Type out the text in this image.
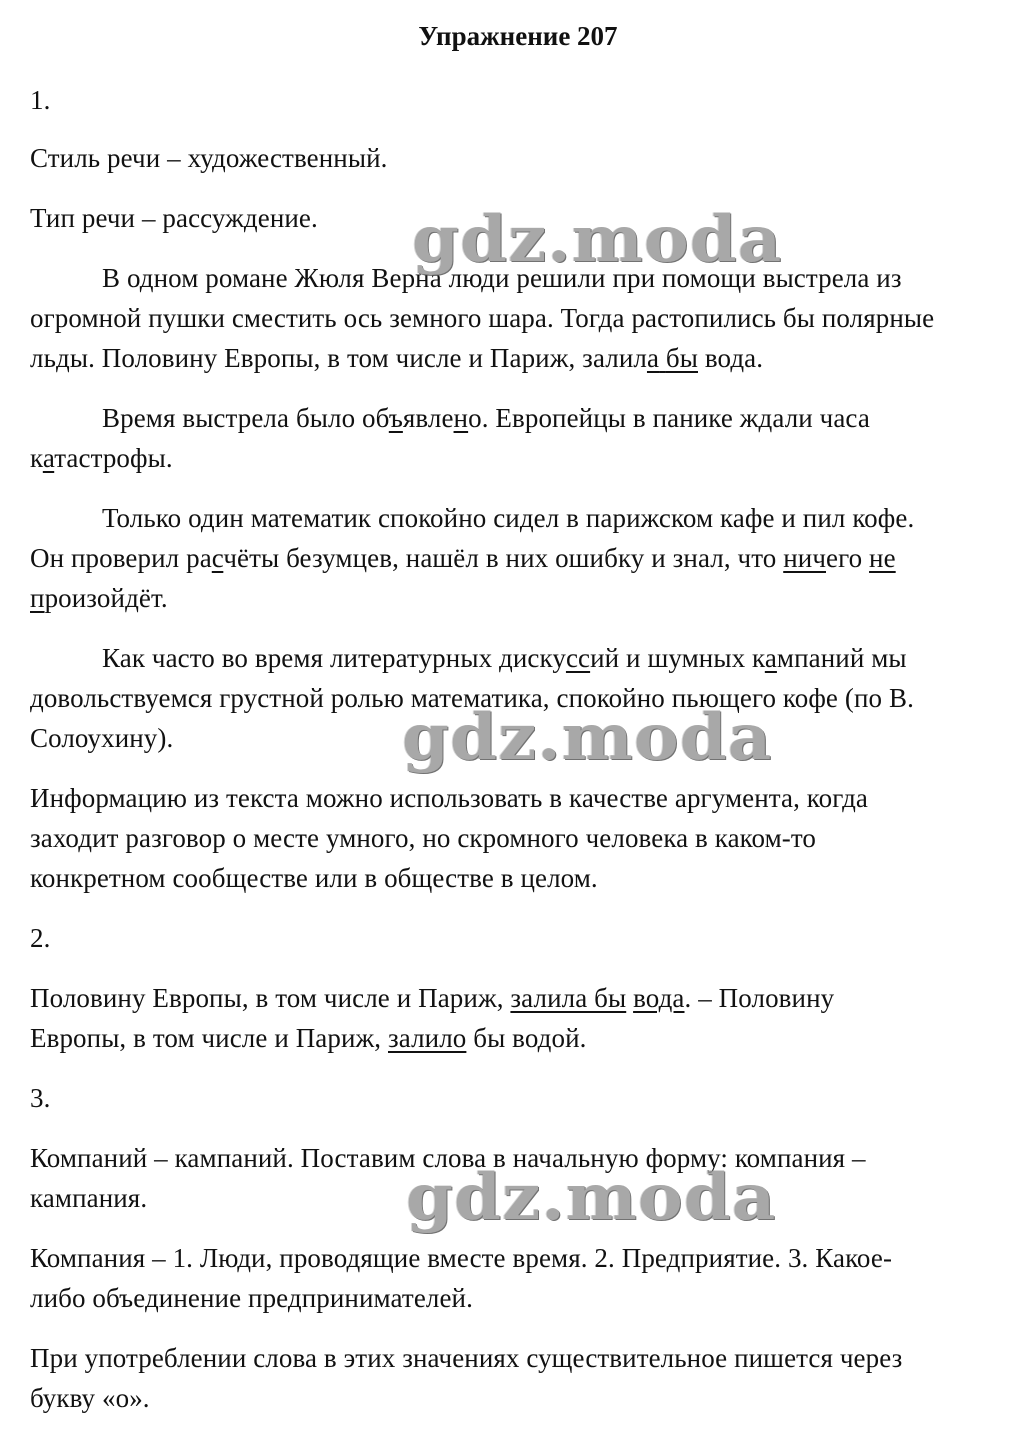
Упражнение 207
1.
Стиль речи – художественный.
Тип речи – рассуждение.
В одном романе Жюля Верна люди решили при помощи выстрела из
огромной пушки сместить ось земного шара. Тогда растопились бы полярные
льды. Половину Европы, в том числе и Париж, залила бы вода.
Время выстрела было объявлено. Европейцы в панике ждали часа
катастрофы.
Только один математик спокойно сидел в парижском кафе и пил кофе.
Он проверил расчёты безумцев, нашёл в них ошибку и знал, что ничего не
произойдёт.
Как часто во время литературных дискуссий и шумных кампаний мы
довольствуемся грустной ролью математика, спокойно пьющего кофе (по В.
Солоухину).
Информацию из текста можно использовать в качестве аргумента, когда
заходит разговор о месте умного, но скромного человека в каком-то
конкретном сообществе или в обществе в целом.
2.
Половину Европы, в том числе и Париж, залила бы вода. – Половину
Европы, в том числе и Париж, залило бы водой.
3.
Компаний – кампаний. Поставим слова в начальную форму: компания –
кампания.
Компания – 1. Люди, проводящие вместе время. 2. Предприятие. 3. Какое-
либо объединение предпринимателей.
При употреблении слова в этих значениях существительное пишется через
букву «о».
gdz.moda
gdz.moda
gdz.moda
